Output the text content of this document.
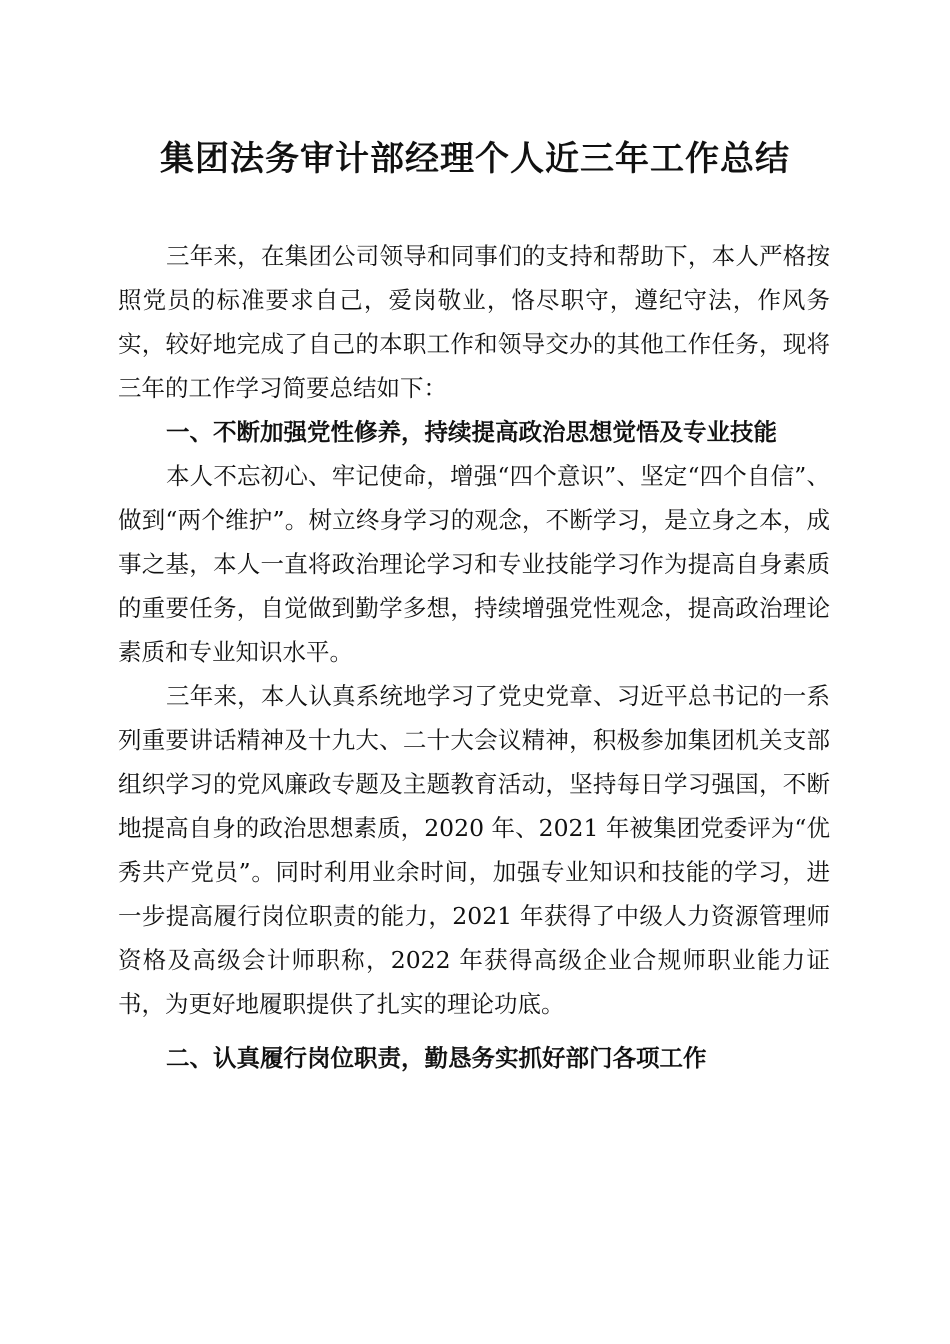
集团法务审计部经理个人近三年工作总结

三年来，在集团公司领导和同事们的支持和帮助下，本人严格按照党员的标准要求自己，爱岗敬业，恪尽职守，遵纪守法，作风务实，较好地完成了自己的本职工作和领导交办的其他工作任务，现将三年的工作学习简要总结如下：

一、不断加强党性修养，持续提高政治思想觉悟及专业技能

本人不忘初心、牢记使命，增强“四个意识”、坚定“四个自信”、做到“两个维护”。树立终身学习的观念，不断学习，是立身之本，成事之基，本人一直将政治理论学习和专业技能学习作为提高自身素质的重要任务，自觉做到勤学多想，持续增强党性观念，提高政治理论素质和专业知识水平。

三年来，本人认真系统地学习了党史党章、习近平总书记的一系列重要讲话精神及十九大、二十大会议精神，积极参加集团机关支部组织学习的党风廉政专题及主题教育活动，坚持每日学习强国，不断地提高自身的政治思想素质，2020 年、2021 年被集团党委评为“优秀共产党员”。同时利用业余时间，加强专业知识和技能的学习，进一步提高履行岗位职责的能力，2021 年获得了中级人力资源管理师资格及高级会计师职称，2022 年获得高级企业合规师职业能力证书，为更好地履职提供了扎实的理论功底。

二、认真履行岗位职责，勤恳务实抓好部门各项工作
